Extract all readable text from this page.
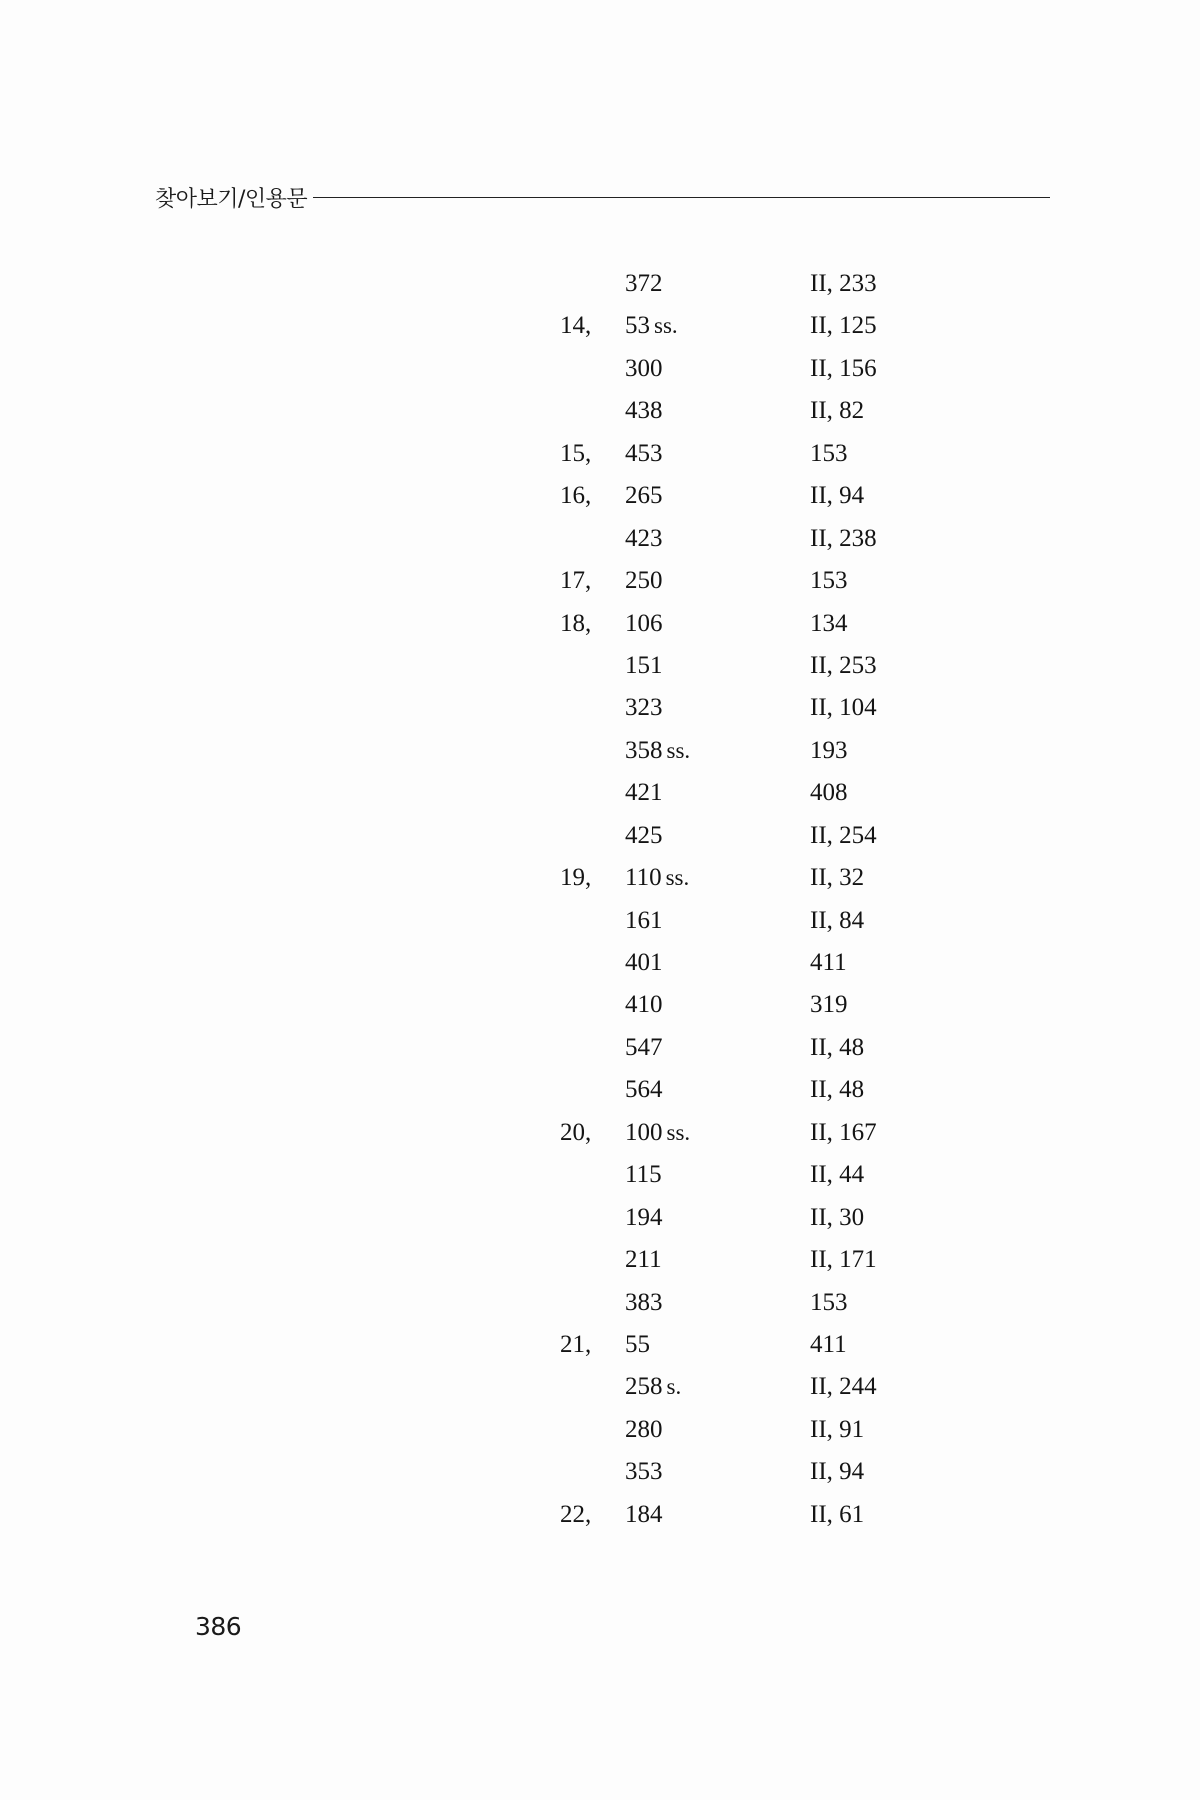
찾아보기/인용문
372	II, 233
14, 53 ss.	II, 125
300	II, 156
438	II, 82
15, 453	153
16, 265	II, 94
423	II, 238
17, 250	153
18, 106	134
151	II, 253
323	II, 104
358 ss.	193
421	408
425	II, 254
19, 110 ss.	II, 32
161	II, 84
401	411
410	319
547	II, 48
564	II, 48
20, 100 ss.	II, 167
115	II, 44
194	II, 30
211	II, 171
383	153
21, 55	411
258 s.	II, 244
280	II, 91
353	II, 94
22, 184	II, 61
386
